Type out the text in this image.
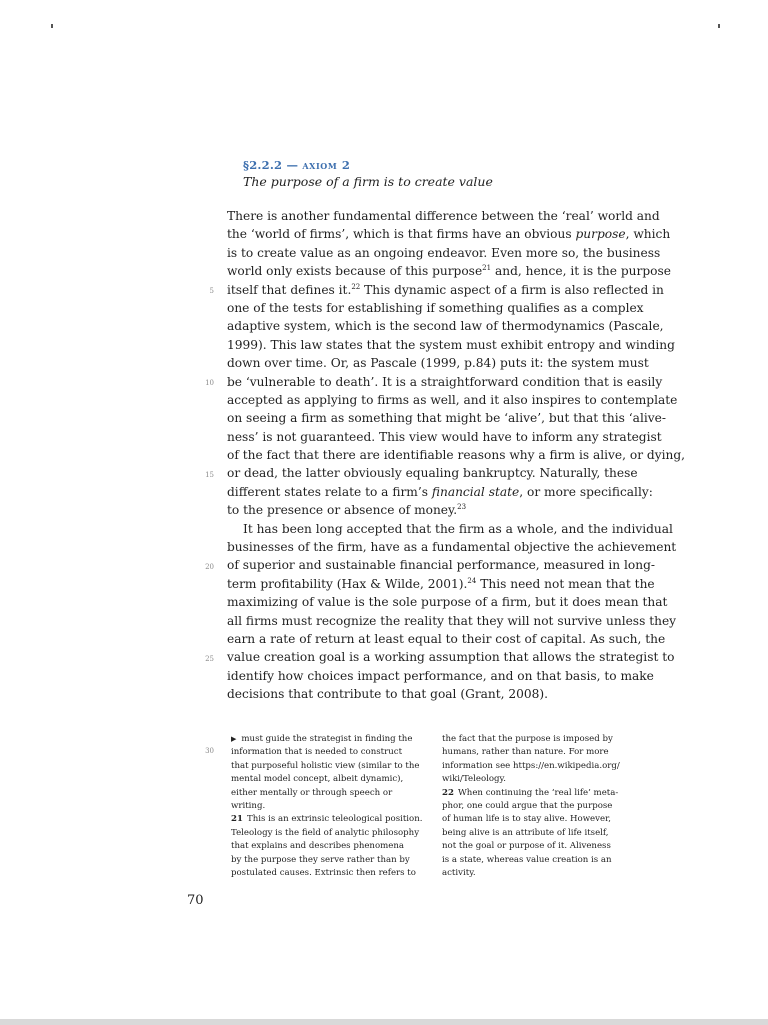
§2.2.2 — axiom 2
The purpose of a firm is to create value
5
10
15
20
25
30
There is another fundamental difference between the ‘real’ world and
the ‘world of firms’, which is that firms have an obvious purpose, which
is to create value as an ongoing endeavor. Even more so, the business
world only exists because of this purpose$^{21}$ and, hence, it is the purpose
itself that defines it.$^{22}$ This dynamic aspect of a firm is also reflected in
one of the tests for establishing if something qualifies as a complex
adaptive system, which is the second law of thermodynamics (Pascale,
1999). This law states that the system must exhibit entropy and winding
down over time. Or, as Pascale (1999, p.84) puts it: the system must
be ‘vulnerable to death’. It is a straightforward condition that is easily
accepted as applying to firms as well, and it also inspires to contemplate
on seeing a firm as something that might be ‘alive’, but that this ‘alive-
ness’ is not guaranteed. This view would have to inform any strategist
of the fact that there are identifiable reasons why a firm is alive, or dying,
or dead, the latter obviously equaling bankruptcy. Naturally, these
different states relate to a firm’s financial state, or more specifically:
to the presence or absence of money.$^{23}$
It has been long accepted that the firm as a whole, and the individual
businesses of the firm, have as a fundamental objective the achievement
of superior and sustainable financial performance, measured in long-
term profitability (Hax & Wilde, 2001).$^{24}$ This need not mean that the
maximizing of value is the sole purpose of a firm, but it does mean that
all firms must recognize the reality that they will not survive unless they
earn a rate of return at least equal to their cost of capital. As such, the
value creation goal is a working assumption that allows the strategist to
identify how choices impact performance, and on that basis, to make
decisions that contribute to that goal (Grant, 2008).
▶ must guide the strategist in finding the
information that is needed to construct
that purposeful holistic view (similar to the
mental model concept, albeit dynamic),
either mentally or through speech or
writing.
21 This is an extrinsic teleological position.
Teleology is the field of analytic philosophy
that explains and describes phenomena
by the purpose they serve rather than by
postulated causes. Extrinsic then refers to
the fact that the purpose is imposed by
humans, rather than nature. For more
information see https://en.wikipedia.org/
wiki/Teleology.
22 When continuing the ‘real life’ meta-
phor, one could argue that the purpose
of human life is to stay alive. However,
being alive is an attribute of life itself,
not the goal or purpose of it. Aliveness
is a state, whereas value creation is an
activity.
70
